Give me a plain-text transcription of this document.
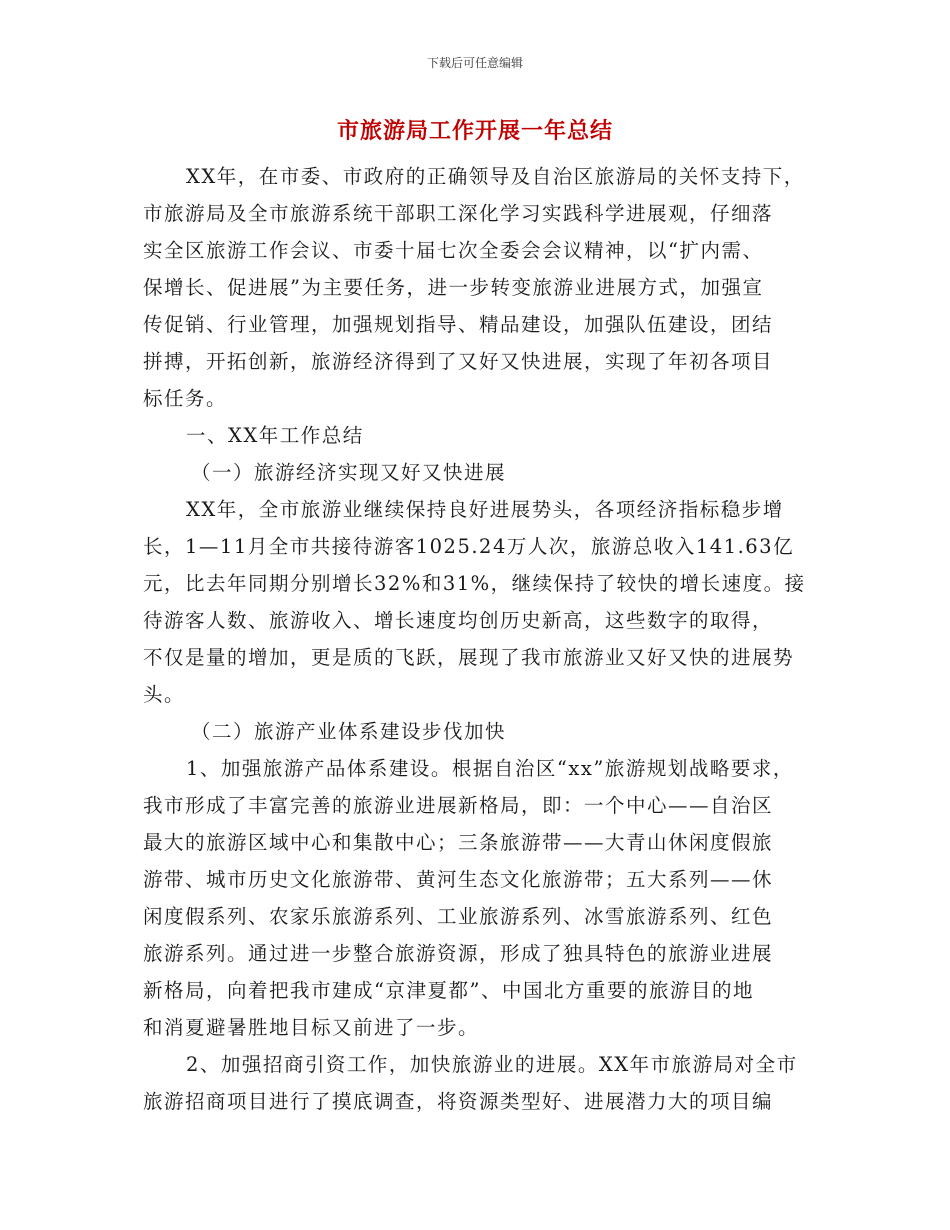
下载后可任意编辑
市旅游局工作开展一年总结
XX年，在市委、市政府的正确领导及自治区旅游局的关怀支持下，
市旅游局及全市旅游系统干部职工深化学习实践科学进展观，仔细落
实全区旅游工作会议、市委十届七次全委会会议精神，以“扩内需、
保增长、促进展”为主要任务，进一步转变旅游业进展方式，加强宣
传促销、行业管理，加强规划指导、精品建设，加强队伍建设，团结
拼搏，开拓创新，旅游经济得到了又好又快进展，实现了年初各项目
标任务。
一、XX年工作总结
（一）旅游经济实现又好又快进展
XX年，全市旅游业继续保持良好进展势头，各项经济指标稳步增
长，1—11月全市共接待游客1025.24万人次，旅游总收入141.63亿
元，比去年同期分别增长32%和31%，继续保持了较快的增长速度。接
待游客人数、旅游收入、增长速度均创历史新高，这些数字的取得，
不仅是量的增加，更是质的飞跃，展现了我市旅游业又好又快的进展势
头。
（二）旅游产业体系建设步伐加快
1、加强旅游产品体系建设。根据自治区“xx”旅游规划战略要求，
我市形成了丰富完善的旅游业进展新格局，即：一个中心——自治区
最大的旅游区域中心和集散中心；三条旅游带——大青山休闲度假旅
游带、城市历史文化旅游带、黄河生态文化旅游带；五大系列——休
闲度假系列、农家乐旅游系列、工业旅游系列、冰雪旅游系列、红色
旅游系列。通过进一步整合旅游资源，形成了独具特色的旅游业进展
新格局，向着把我市建成“京津夏都”、中国北方重要的旅游目的地
和消夏避暑胜地目标又前进了一步。
2、加强招商引资工作，加快旅游业的进展。XX年市旅游局对全市
旅游招商项目进行了摸底调查，将资源类型好、进展潜力大的项目编
